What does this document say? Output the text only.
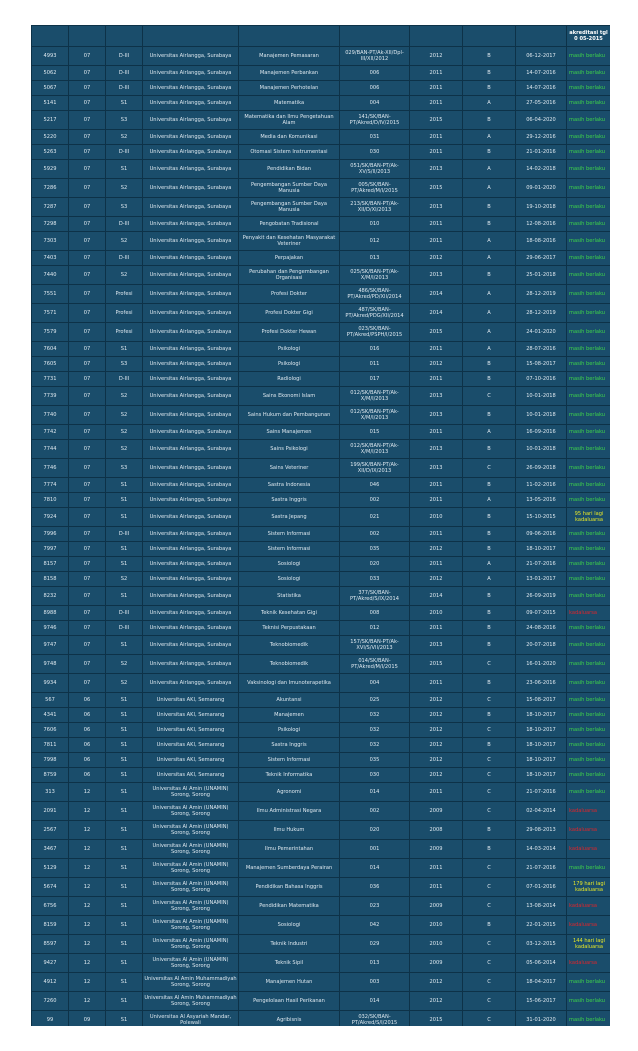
									akreditasi tgl 0 05-2015
4993	07	D-III	Universitas Airlangga, Surabaya	Manajemen Pemasaran	029/BAN-PT/Ak-XII/Dpl-III/XII/2012	2012	B	06-12-2017	masih berlaku
5062	07	D-III	Universitas Airlangga, Surabaya	Manajemen Perbankan	006	2011	B	14-07-2016	masih berlaku
5067	07	D-III	Universitas Airlangga, Surabaya	Manajemen Perhotelan	006	2011	B	14-07-2016	masih berlaku
5141	07	S1	Universitas Airlangga, Surabaya	Matematika	004	2011	A	27-05-2016	masih berlaku
5217	07	S3	Universitas Airlangga, Surabaya	Matematika dan Ilmu Pengetahuan Alam	141/SK/BAN-PT/Akred/D/IV/2015	2015	B	06-04-2020	masih berlaku
5220	07	S2	Universitas Airlangga, Surabaya	Media dan Komunikasi	031	2011	A	29-12-2016	masih berlaku
5263	07	D-III	Universitas Airlangga, Surabaya	Otomasi Sistem Instrumentasi	030	2011	B	21-01-2016	masih berlaku
5929	07	S1	Universitas Airlangga, Surabaya	Pendidikan Bidan	051/SK/BAN-PT/Ak-XV/S/II/2013	2013	A	14-02-2018	masih berlaku
7286	07	S2	Universitas Airlangga, Surabaya	Pengembangan Sumber Daya Manusia	005/SK/BAN-PT/Akred/M/I/2015	2015	A	09-01-2020	masih berlaku
7287	07	S3	Universitas Airlangga, Surabaya	Pengembangan Sumber Daya Manusia	213/SK/BAN-PT/Ak-XII/D/XI/2013	2013	B	19-10-2018	masih berlaku
7298	07	D-III	Universitas Airlangga, Surabaya	Pengobatan Tradisional	010	2011	B	12-08-2016	masih berlaku
7303	07	S2	Universitas Airlangga, Surabaya	Penyakit dan Kesehatan Masyarakat Veteriner	012	2011	A	18-08-2016	masih berlaku
7403	07	D-III	Universitas Airlangga, Surabaya	Perpajakan	013	2012	A	29-06-2017	masih berlaku
7440	07	S2	Universitas Airlangga, Surabaya	Perubahan dan Pengembangan Organisasi	025/SK/BAN-PT/Ak-X/M/I/2013	2013	B	25-01-2018	masih berlaku
7551	07	Profesi	Universitas Airlangga, Surabaya	Profesi Dokter	486/SK/BAN-PT/Akred/PD/XII/2014	2014	A	28-12-2019	masih berlaku
7571	07	Profesi	Universitas Airlangga, Surabaya	Profesi Dokter Gigi	487/SK/BAN-PT/Akred/PDG/XII/2014	2014	A	28-12-2019	masih berlaku
7579	07	Profesi	Universitas Airlangga, Surabaya	Profesi Dokter Hewan	023/SK/BAN-PT/Akred/PSPH/I/2015	2015	A	24-01-2020	masih berlaku
7604	07	S1	Universitas Airlangga, Surabaya	Psikologi	016	2011	A	28-07-2016	masih berlaku
7605	07	S3	Universitas Airlangga, Surabaya	Psikologi	011	2012	B	15-08-2017	masih berlaku
7731	07	D-III	Universitas Airlangga, Surabaya	Radiologi	017	2011	B	07-10-2016	masih berlaku
7739	07	S2	Universitas Airlangga, Surabaya	Sains Ekonomi Islam	012/SK/BAN-PT/Ak-X/M/I/2013	2013	C	10-01-2018	masih berlaku
7740	07	S2	Universitas Airlangga, Surabaya	Sains Hukum dan Pembangunan	012/SK/BAN-PT/Ak-X/M/I/2013	2013	B	10-01-2018	masih berlaku
7742	07	S2	Universitas Airlangga, Surabaya	Sains Manajemen	015	2011	A	16-09-2016	masih berlaku
7744	07	S2	Universitas Airlangga, Surabaya	Sains Psikologi	012/SK/BAN-PT/Ak-X/M/I/2013	2013	B	10-01-2018	masih berlaku
7746	07	S3	Universitas Airlangga, Surabaya	Sains Veteriner	199/SK/BAN-PT/Ak-XII/D/IX/2013	2013	C	26-09-2018	masih berlaku
7774	07	S1	Universitas Airlangga, Surabaya	Sastra Indonesia	046	2011	B	11-02-2016	masih berlaku
7810	07	S1	Universitas Airlangga, Surabaya	Sastra Inggris	002	2011	A	13-05-2016	masih berlaku
7924	07	S1	Universitas Airlangga, Surabaya	Sastra Jepang	021	2010	B	15-10-2015	95 hari lagi kadaluarsa
7996	07	D-III	Universitas Airlangga, Surabaya	Sistem Informasi	002	2011	B	09-06-2016	masih berlaku
7997	07	S1	Universitas Airlangga, Surabaya	Sistem Informasi	035	2012	B	18-10-2017	masih berlaku
8157	07	S1	Universitas Airlangga, Surabaya	Sosiologi	020	2011	A	21-07-2016	masih berlaku
8158	07	S2	Universitas Airlangga, Surabaya	Sosiologi	033	2012	A	13-01-2017	masih berlaku
8232	07	S1	Universitas Airlangga, Surabaya	Statistika	377/SK/BAN-PT/Akred/S/IX/2014	2014	B	26-09-2019	masih berlaku
8988	07	D-III	Universitas Airlangga, Surabaya	Teknik Kesehatan Gigi	008	2010	B	09-07-2015	kadaluarsa
9746	07	D-III	Universitas Airlangga, Surabaya	Teknisi Perpustakaan	012	2011	B	24-08-2016	masih berlaku
9747	07	S1	Universitas Airlangga, Surabaya	Teknobiomedik	157/SK/BAN-PT/Ak-XVI/S/VII/2013	2013	B	20-07-2018	masih berlaku
9748	07	S2	Universitas Airlangga, Surabaya	Teknobiomedik	014/SK/BAN-PT/Akred/M/I/2015	2015	C	16-01-2020	masih berlaku
9934	07	S2	Universitas Airlangga, Surabaya	Vaksinologi dan Imunoterapetika	004	2011	B	23-06-2016	masih berlaku
567	06	S1	Universitas AKI, Semarang	Akuntansi	025	2012	C	15-08-2017	masih berlaku
4341	06	S1	Universitas AKI, Semarang	Manajemen	032	2012	B	18-10-2017	masih berlaku
7606	06	S1	Universitas AKI, Semarang	Psikologi	032	2012	C	18-10-2017	masih berlaku
7811	06	S1	Universitas AKI, Semarang	Sastra Inggris	032	2012	B	18-10-2017	masih berlaku
7998	06	S1	Universitas AKI, Semarang	Sistem Informasi	035	2012	C	18-10-2017	masih berlaku
8759	06	S1	Universitas AKI, Semarang	Teknik Informatika	030	2012	C	18-10-2017	masih berlaku
313	12	S1	Universitas Al Amin (UNAMIN) Sorong, Sorong	Agronomi	014	2011	C	21-07-2016	masih berlaku
2091	12	S1	Universitas Al Amin (UNAMIN) Sorong, Sorong	Ilmu Administrasi Negara	002	2009	C	02-04-2014	kadaluarsa
2567	12	S1	Universitas Al Amin (UNAMIN) Sorong, Sorong	Ilmu Hukum	020	2008	B	29-08-2013	kadaluarsa
3467	12	S1	Universitas Al Amin (UNAMIN) Sorong, Sorong	Ilmu Pemerintahan	001	2009	B	14-03-2014	kadaluarsa
5129	12	S1	Universitas Al Amin (UNAMIN) Sorong, Sorong	Manajemen Sumberdaya Perairan	014	2011	C	21-07-2016	masih berlaku
5674	12	S1	Universitas Al Amin (UNAMIN) Sorong, Sorong	Pendidikan Bahasa Inggris	036	2011	C	07-01-2016	179 hari lagi kadaluarsa
6756	12	S1	Universitas Al Amin (UNAMIN) Sorong, Sorong	Pendidikan Matematika	023	2009	C	13-08-2014	kadaluarsa
8159	12	S1	Universitas Al Amin (UNAMIN) Sorong, Sorong	Sosiologi	042	2010	B	22-01-2015	kadaluarsa
8597	12	S1	Universitas Al Amin (UNAMIN) Sorong, Sorong	Teknik Industri	029	2010	C	03-12-2015	144 hari lagi kadaluarsa
9427	12	S1	Universitas Al Amin (UNAMIN) Sorong, Sorong	Teknik Sipil	013	2009	C	05-06-2014	kadaluarsa
4912	12	S1	Universitas Al Amin Muhammadiyah Sorong, Sorong	Manajemen Hutan	003	2012	C	18-04-2017	masih berlaku
7260	12	S1	Universitas Al Amin Muhammadiyah Sorong, Sorong	Pengelolaan Hasil Perikanan	014	2012	C	15-06-2017	masih berlaku
99	09	S1	Universitas Al Asyariah Mandar, Polewali	Agribisnis	032/SK/BAN-PT/Akred/S/I/2015	2015	C	31-01-2020	masih berlaku
